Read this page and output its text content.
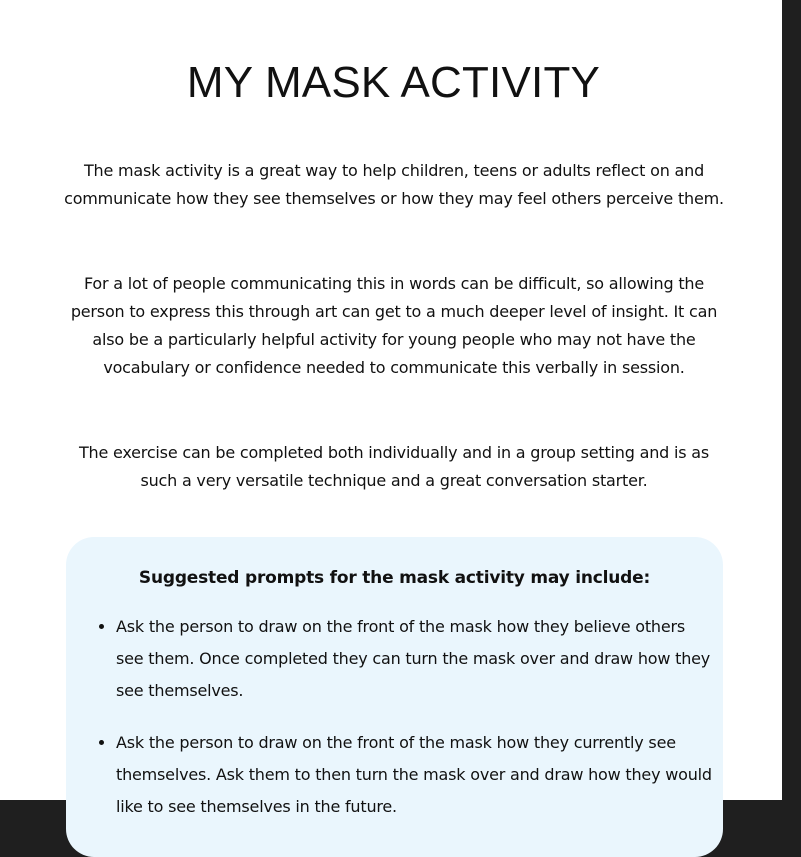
MY MASK ACTIVITY

The mask activity is a great way to help children, teens or adults reflect on and communicate how they see themselves or how they may feel others perceive them.

For a lot of people communicating this in words can be difficult, so allowing the person to express this through art can get to a much deeper level of insight. It can also be a particularly helpful activity for young people who may not have the vocabulary or confidence needed to communicate this verbally in session.

The exercise can be completed both individually and in a group setting and is as such a very versatile technique and a great conversation starter.

Suggested prompts for the mask activity may include:
• Ask the person to draw on the front of the mask how they believe others see them. Once completed they can turn the mask over and draw how they see themselves.
• Ask the person to draw on the front of the mask how they currently see themselves. Ask them to then turn the mask over and draw how they would like to see themselves in the future.
